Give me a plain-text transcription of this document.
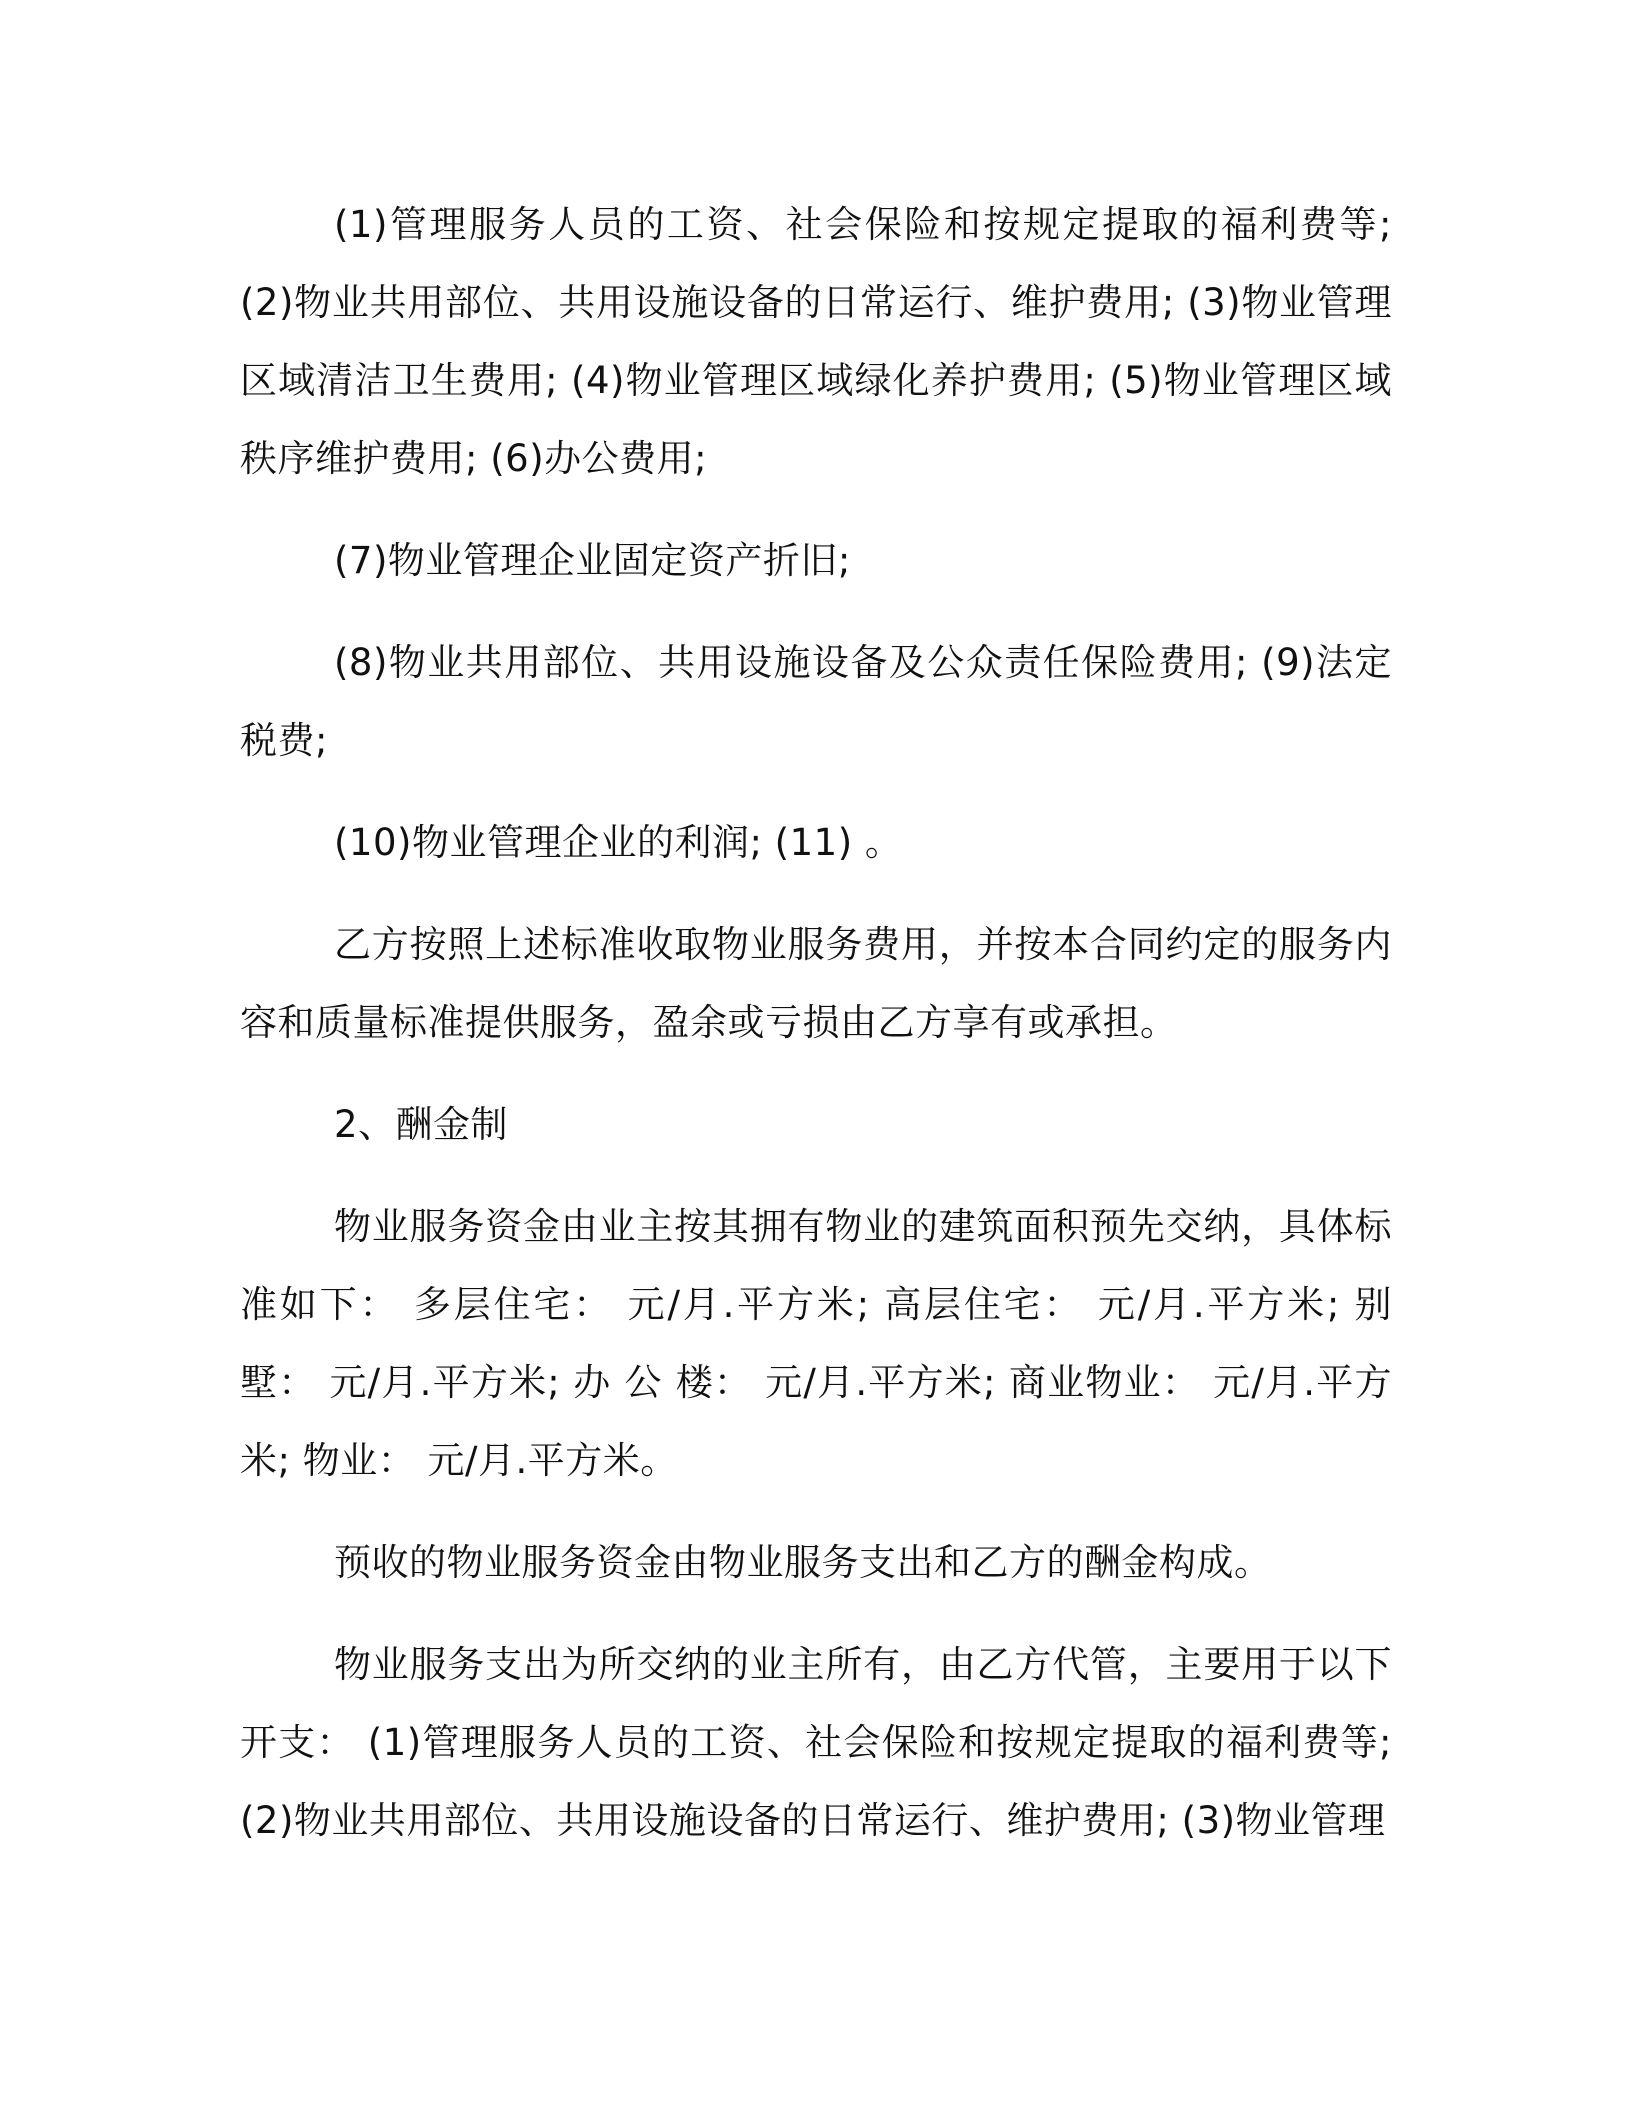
(1)管理服务人员的工资、社会保险和按规定提取的福利费等; (2)物业共用部位、共用设施设备的日常运行、维护费用; (3)物业管理区域清洁卫生费用; (4)物业管理区域绿化养护费用; (5)物业管理区域秩序维护费用; (6)办公费用;

(7)物业管理企业固定资产折旧;

(8)物业共用部位、共用设施设备及公众责任保险费用; (9)法定税费;

(10)物业管理企业的利润; (11) 。

乙方按照上述标准收取物业服务费用，并按本合同约定的服务内容和质量标准提供服务，盈余或亏损由乙方享有或承担。

2、酬金制

物业服务资金由业主按其拥有物业的建筑面积预先交纳，具体标准如下： 多层住宅： 元/月.平方米; 高层住宅： 元/月.平方米; 别 墅： 元/月.平方米; 办 公 楼： 元/月.平方米; 商业物业： 元/月.平方米; 物业： 元/月.平方米。

预收的物业服务资金由物业服务支出和乙方的酬金构成。

物业服务支出为所交纳的业主所有，由乙方代管，主要用于以下开支： (1)管理服务人员的工资、社会保险和按规定提取的福利费等; (2)物业共用部位、共用设施设备的日常运行、维护费用; (3)物业管理
